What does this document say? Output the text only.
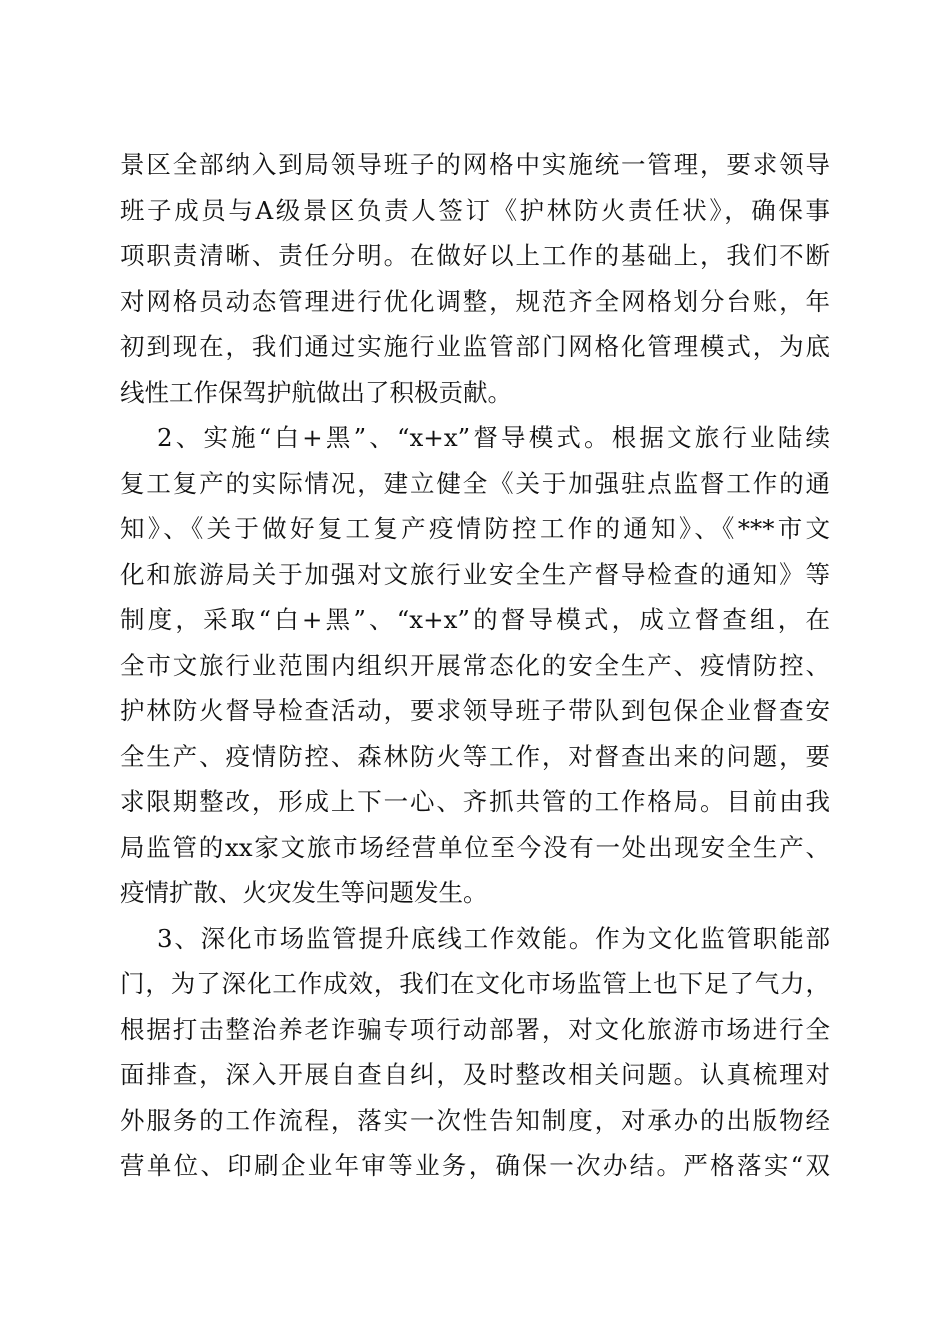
景区全部纳入到局领导班子的网格中实施统一管理，要求领导
班子成员与A级景区负责人签订《护林防火责任状》，确保事
项职责清晰、责任分明。在做好以上工作的基础上，我们不断
对网格员动态管理进行优化调整，规范齐全网格划分台账，年
初到现在，我们通过实施行业监管部门网格化管理模式，为底
线性工作保驾护航做出了积极贡献。
2、实施“白+黑”、“x+x”督导模式。根据文旅行业陆续
复工复产的实际情况，建立健全《关于加强驻点监督工作的通
知》、《关于做好复工复产疫情防控工作的通知》、《***市文
化和旅游局关于加强对文旅行业安全生产督导检查的通知》等
制度，采取“白+黑”、“x+x”的督导模式，成立督查组，在
全市文旅行业范围内组织开展常态化的安全生产、疫情防控、
护林防火督导检查活动，要求领导班子带队到包保企业督查安
全生产、疫情防控、森林防火等工作，对督查出来的问题，要
求限期整改，形成上下一心、齐抓共管的工作格局。目前由我
局监管的xx家文旅市场经营单位至今没有一处出现安全生产、
疫情扩散、火灾发生等问题发生。
3、深化市场监管提升底线工作效能。作为文化监管职能部
门，为了深化工作成效，我们在文化市场监管上也下足了气力，
根据打击整治养老诈骗专项行动部署，对文化旅游市场进行全
面排查，深入开展自查自纠，及时整改相关问题。认真梳理对
外服务的工作流程，落实一次性告知制度，对承办的出版物经
营单位、印刷企业年审等业务，确保一次办结。严格落实“双
